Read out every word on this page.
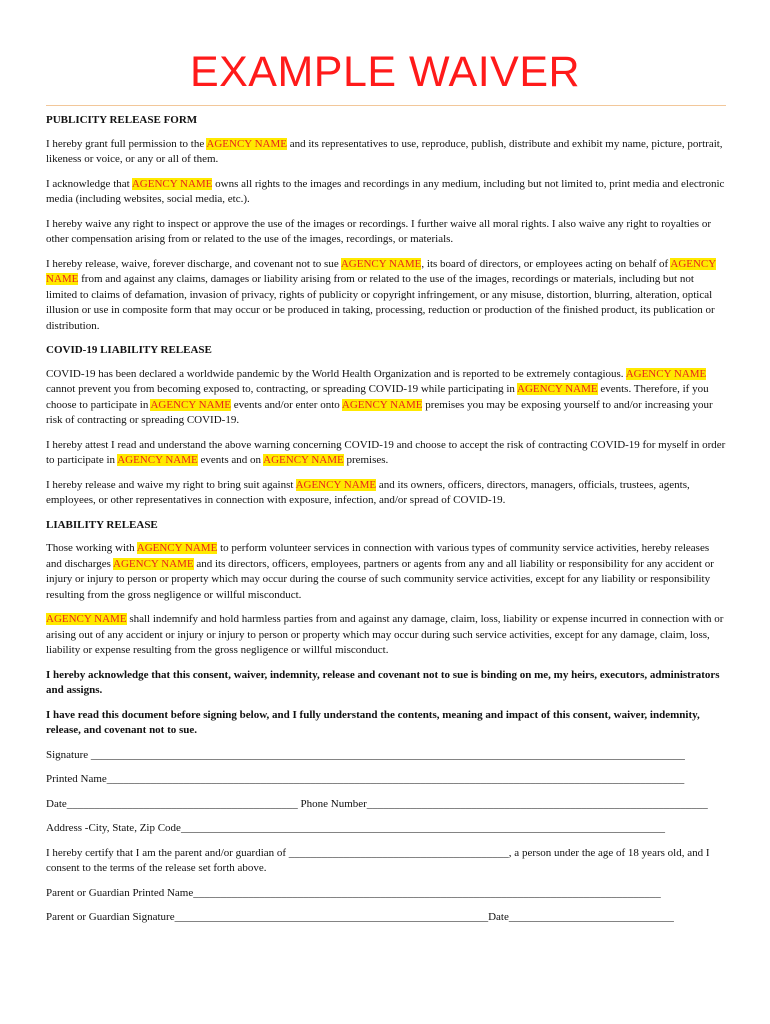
EXAMPLE WAIVER

PUBLICITY RELEASE FORM

I hereby grant full permission to the AGENCY NAME and its representatives to use, reproduce, publish, distribute and exhibit my name, picture, portrait, likeness or voice, or any or all of them.

I acknowledge that AGENCY NAME owns all rights to the images and recordings in any medium, including but not limited to, print media and electronic media (including websites, social media, etc.).

I hereby waive any right to inspect or approve the use of the images or recordings. I further waive all moral rights. I also waive any right to royalties or other compensation arising from or related to the use of the images, recordings, or materials.

I hereby release, waive, forever discharge, and covenant not to sue AGENCY NAME, its board of directors, or employees acting on behalf of AGENCY NAME from and against any claims, damages or liability arising from or related to the use of the images, recordings or materials, including but not limited to claims of defamation, invasion of privacy, rights of publicity or copyright infringement, or any misuse, distortion, blurring, alteration, optical illusion or use in composite form that may occur or be produced in taking, processing, reduction or production of the finished product, its publication or distribution.

COVID-19 LIABILITY RELEASE

COVID-19 has been declared a worldwide pandemic by the World Health Organization and is reported to be extremely contagious. AGENCY NAME cannot prevent you from becoming exposed to, contracting, or spreading COVID-19 while participating in AGENCY NAME events. Therefore, if you choose to participate in AGENCY NAME events and/or enter onto AGENCY NAME premises you may be exposing yourself to and/or increasing your risk of contracting or spreading COVID-19.

I hereby attest I read and understand the above warning concerning COVID-19 and choose to accept the risk of contracting COVID-19 for myself in order to participate in AGENCY NAME events and on AGENCY NAME premises.

I hereby release and waive my right to bring suit against AGENCY NAME and its owners, officers, directors, managers, officials, trustees, agents, employees, or other representatives in connection with exposure, infection, and/or spread of COVID-19.

LIABILITY RELEASE

Those working with AGENCY NAME to perform volunteer services in connection with various types of community service activities, hereby releases and discharges AGENCY NAME and its directors, officers, employees, partners or agents from any and all liability or responsibility for any accident or injury or injury to person or property which may occur during the course of such community service activities, except for any liability or responsibility resulting from the gross negligence or willful misconduct.

AGENCY NAME shall indemnify and hold harmless parties from and against any damage, claim, loss, liability or expense incurred in connection with or arising out of any accident or injury or injury to person or property which may occur during such service activities, except for any damage, claim, loss, liability or expense resulting from the gross negligence or willful misconduct.

I hereby acknowledge that this consent, waiver, indemnity, release and covenant not to sue is binding on me, my heirs, executors, administrators and assigns.

I have read this document before signing below, and I fully understand the contents, meaning and impact of this consent, waiver, indemnity, release, and covenant not to sue.

Signature ____________________________________________________________________________________________________________
Printed Name_________________________________________________________________________________________________________
Date__________________________________________ Phone Number______________________________________________________________
Address -City, State, Zip Code________________________________________________________________________________________

I hereby certify that I am the parent and/or guardian of ________________________________________, a person under the age of 18 years old, and I consent to the terms of the release set forth above.

Parent or Guardian Printed Name_____________________________________________________________________________________
Parent or Guardian Signature_________________________________________________________Date______________________________
